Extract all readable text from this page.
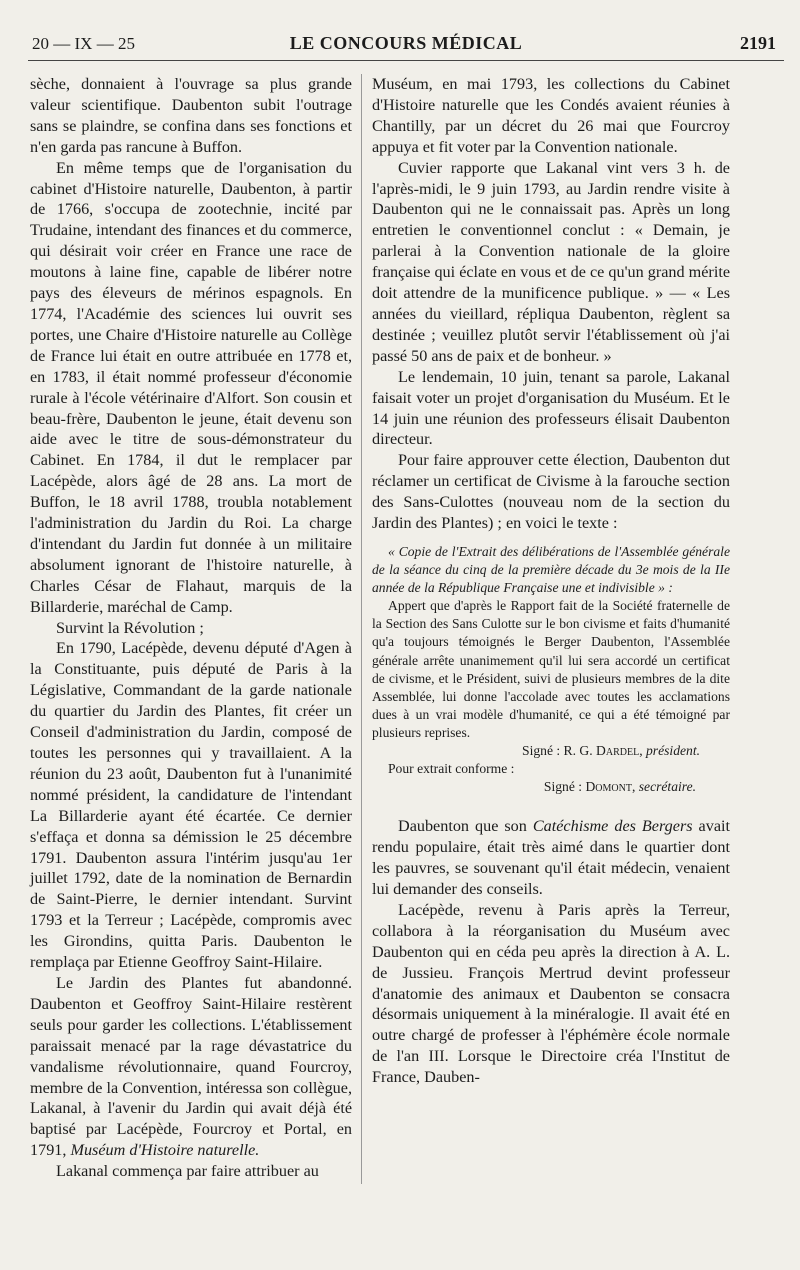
20 — IX — 25	LE CONCOURS MÉDICAL	2191

sèche, donnaient à l'ouvrage sa plus grande valeur scientifique. Daubenton subit l'outrage sans se plaindre, se confina dans ses fonctions et n'en garda pas rancune à Buffon.

En même temps que de l'organisation du cabinet d'Histoire naturelle, Daubenton, à partir de 1766, s'occupa de zootechnie, incité par Trudaine, intendant des finances et du commerce, qui désirait voir créer en France une race de moutons à laine fine, capable de libérer notre pays des éleveurs de mérinos espagnols. En 1774, l'Académie des sciences lui ouvrit ses portes, une Chaire d'Histoire naturelle au Collège de France lui était en outre attribuée en 1778 et, en 1783, il était nommé professeur d'économie rurale à l'école vétérinaire d'Alfort. Son cousin et beau-frère, Daubenton le jeune, était devenu son aide avec le titre de sous-démonstrateur du Cabinet. En 1784, il dut le remplacer par Lacépède, alors âgé de 28 ans. La mort de Buffon, le 18 avril 1788, troubla notablement l'administration du Jardin du Roi. La charge d'intendant du Jardin fut donnée à un militaire absolument ignorant de l'histoire naturelle, à Charles César de Flahaut, marquis de la Billarderie, maréchal de Camp.

Survint la Révolution ;

En 1790, Lacépède, devenu député d'Agen à la Constituante, puis député de Paris à la Législative, Commandant de la garde nationale du quartier du Jardin des Plantes, fit créer un Conseil d'administration du Jardin, composé de toutes les personnes qui y travaillaient. A la réunion du 23 août, Daubenton fut à l'unanimité nommé président, la candidature de l'intendant La Billarderie ayant été écartée. Ce dernier s'effaça et donna sa démission le 25 décembre 1791. Daubenton assura l'intérim jusqu'au 1er juillet 1792, date de la nomination de Bernardin de Saint-Pierre, le dernier intendant. Survint 1793 et la Terreur ; Lacépède, compromis avec les Girondins, quitta Paris. Daubenton le remplaça par Etienne Geoffroy Saint-Hilaire.

Le Jardin des Plantes fut abandonné. Daubenton et Geoffroy Saint-Hilaire restèrent seuls pour garder les collections. L'établissement paraissait menacé par la rage dévastatrice du vandalisme révolutionnaire, quand Fourcroy, membre de la Convention, intéressa son collègue, Lakanal, à l'avenir du Jardin qui avait déjà été baptisé par Lacépède, Fourcroy et Portal, en 1791, Muséum d'Histoire naturelle.

Lakanal commença par faire attribuer au

Muséum, en mai 1793, les collections du Cabinet d'Histoire naturelle que les Condés avaient réunies à Chantilly, par un décret du 26 mai que Fourcroy appuya et fit voter par la Convention nationale.

Cuvier rapporte que Lakanal vint vers 3 h. de l'après-midi, le 9 juin 1793, au Jardin rendre visite à Daubenton qui ne le connaissait pas. Après un long entretien le conventionnel conclut : « Demain, je parlerai à la Convention nationale de la gloire française qui éclate en vous et de ce qu'un grand mérite doit attendre de la munificence publique. » — « Les années du vieillard, répliqua Daubenton, règlent sa destinée ; veuillez plutôt servir l'établissement où j'ai passé 50 ans de paix et de bonheur. »

Le lendemain, 10 juin, tenant sa parole, Lakanal faisait voter un projet d'organisation du Muséum. Et le 14 juin une réunion des professeurs élisait Daubenton directeur.

Pour faire approuver cette élection, Daubenton dut réclamer un certificat de Civisme à la farouche section des Sans-Culottes (nouveau nom de la section du Jardin des Plantes) ; en voici le texte :

« Copie de l'Extrait des délibérations de l'Assemblée générale de la séance du cinq de la première décade du 3e mois de la IIe année de la République Française une et indivisible » :

Appert que d'après le Rapport fait de la Société fraternelle de la Section des Sans Culotte sur le bon civisme et faits d'humanité qu'a toujours témoignés le Berger Daubenton, l'Assemblée générale arrête unanimement qu'il lui sera accordé un certificat de civisme, et le Président, suivi de plusieurs membres de la dite Assemblée, lui donne l'accolade avec toutes les acclamations dues à un vrai modèle d'humanité, ce qui a été témoigné par plusieurs reprises.

Signé : R. G. Dardel, président.

Pour extrait conforme :

Signé : Domont, secrétaire.

Daubenton que son Catéchisme des Bergers avait rendu populaire, était très aimé dans le quartier dont les pauvres, se souvenant qu'il était médecin, venaient lui demander des conseils.

Lacépède, revenu à Paris après la Terreur, collabora à la réorganisation du Muséum avec Daubenton qui en céda peu après la direction à A. L. de Jussieu. François Mertrud devint professeur d'anatomie des animaux et Daubenton se consacra désormais uniquement à la minéralogie. Il avait été en outre chargé de professer à l'éphémère école normale de l'an III. Lorsque le Directoire créa l'Institut de France, Dauben-
